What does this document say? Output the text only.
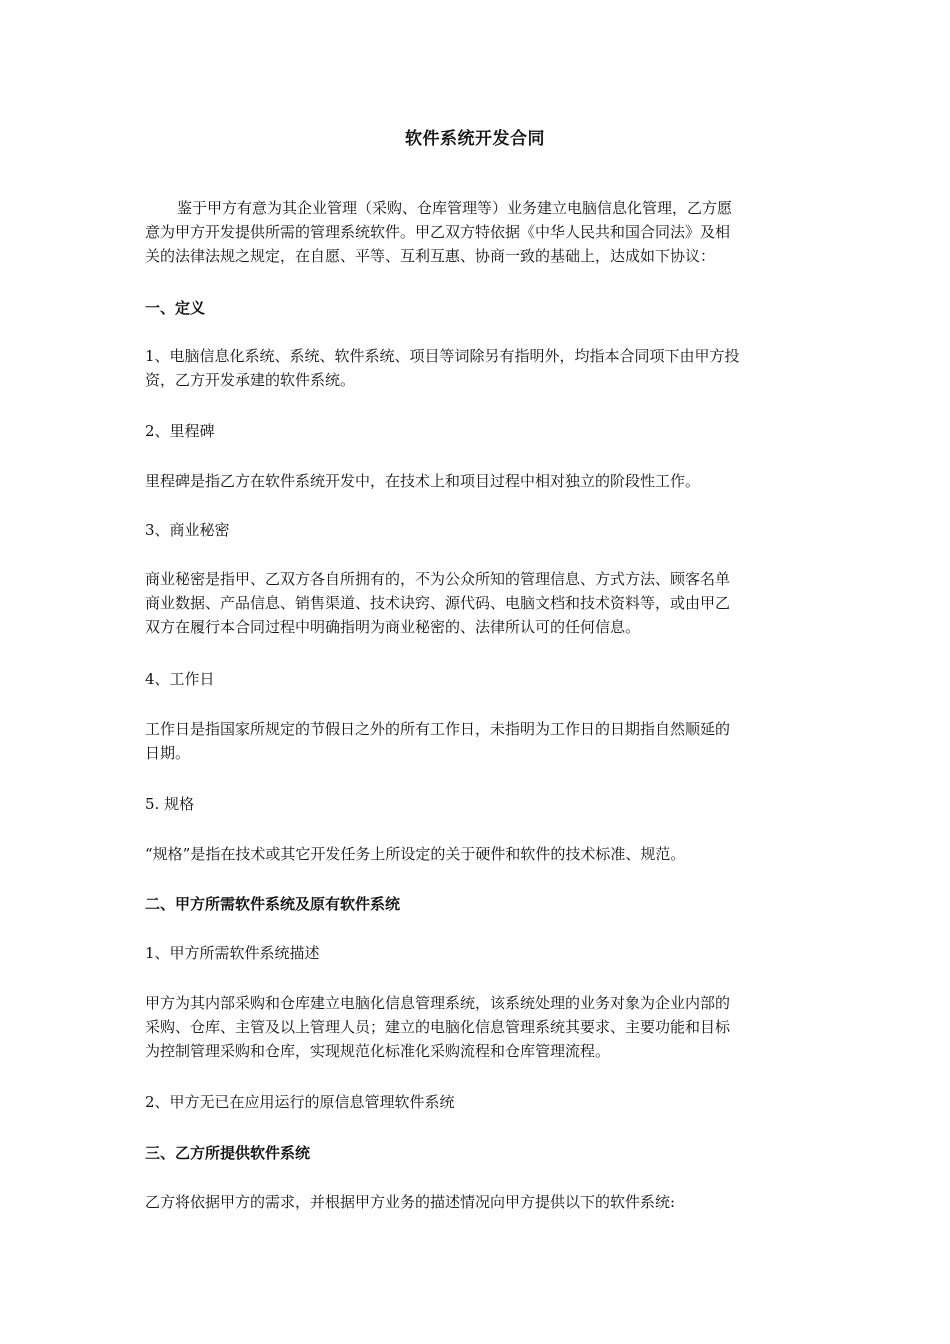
软件系统开发合同
鉴于甲方有意为其企业管理（采购、仓库管理等）业务建立电脑信息化管理，乙方愿
意为甲方开发提供所需的管理系统软件。甲乙双方特依据《中华人民共和国合同法》及相
关的法律法规之规定，在自愿、平等、互利互惠、协商一致的基础上，达成如下协议：
一、定义
1、电脑信息化系统、系统、软件系统、项目等词除另有指明外，均指本合同项下由甲方投
资，乙方开发承建的软件系统。
2、里程碑
里程碑是指乙方在软件系统开发中，在技术上和项目过程中相对独立的阶段性工作。
3、商业秘密
商业秘密是指甲、乙双方各自所拥有的，不为公众所知的管理信息、方式方法、顾客名单
商业数据、产品信息、销售渠道、技术诀窍、源代码、电脑文档和技术资料等，或由甲乙
双方在履行本合同过程中明确指明为商业秘密的、法律所认可的任何信息。
4、工作日
工作日是指国家所规定的节假日之外的所有工作日，未指明为工作日的日期指自然顺延的
日期。
5. 规格
“规格”是指在技术或其它开发任务上所设定的关于硬件和软件的技术标准、规范。
二、甲方所需软件系统及原有软件系统
1、甲方所需软件系统描述
甲方为其内部采购和仓库建立电脑化信息管理系统，该系统处理的业务对象为企业内部的
采购、仓库、主管及以上管理人员；建立的电脑化信息管理系统其要求、主要功能和目标
为控制管理采购和仓库，实现规范化标准化采购流程和仓库管理流程。
2、甲方无已在应用运行的原信息管理软件系统
三、乙方所提供软件系统
乙方将依据甲方的需求，并根据甲方业务的描述情况向甲方提供以下的软件系统:
